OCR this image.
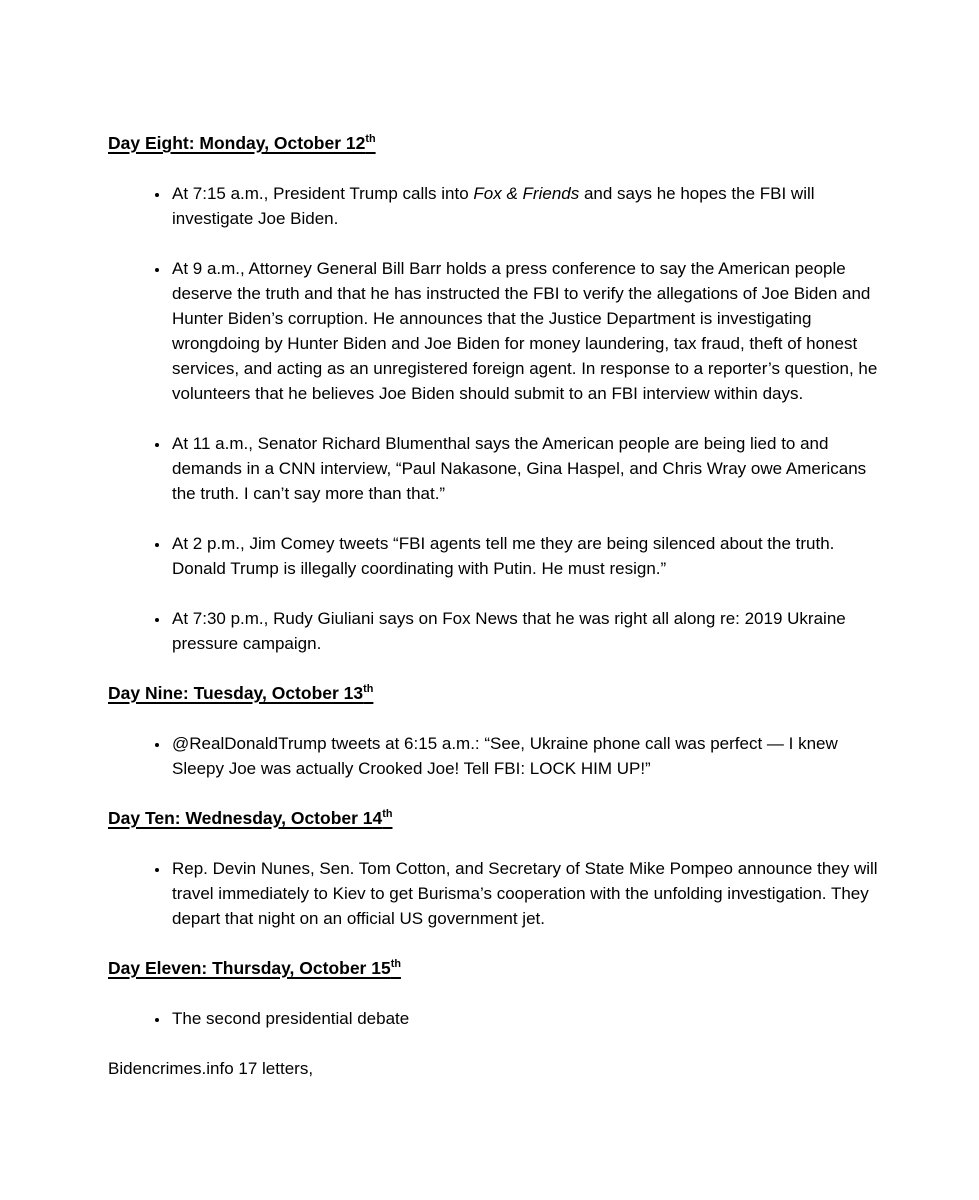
Day Eight: Monday, October 12th
• At 7:15 a.m., President Trump calls into Fox & Friends and says he hopes the FBI will investigate Joe Biden.
• At 9 a.m., Attorney General Bill Barr holds a press conference to say the American people deserve the truth and that he has instructed the FBI to verify the allegations of Joe Biden and Hunter Biden’s corruption. He announces that the Justice Department is investigating wrongdoing by Hunter Biden and Joe Biden for money laundering, tax fraud, theft of honest services, and acting as an unregistered foreign agent. In response to a reporter’s question, he volunteers that he believes Joe Biden should submit to an FBI interview within days.
• At 11 a.m., Senator Richard Blumenthal says the American people are being lied to and demands in a CNN interview, “Paul Nakasone, Gina Haspel, and Chris Wray owe Americans the truth. I can’t say more than that.”
• At 2 p.m., Jim Comey tweets “FBI agents tell me they are being silenced about the truth. Donald Trump is illegally coordinating with Putin. He must resign.”
• At 7:30 p.m., Rudy Giuliani says on Fox News that he was right all along re: 2019 Ukraine pressure campaign.
Day Nine: Tuesday, October 13th
• @RealDonaldTrump tweets at 6:15 a.m.: “See, Ukraine phone call was perfect — I knew Sleepy Joe was actually Crooked Joe! Tell FBI: LOCK HIM UP!”
Day Ten: Wednesday, October 14th
• Rep. Devin Nunes, Sen. Tom Cotton, and Secretary of State Mike Pompeo announce they will travel immediately to Kiev to get Burisma’s cooperation with the unfolding investigation. They depart that night on an official US government jet.
Day Eleven: Thursday, October 15th
• The second presidential debate

Bidencrimes.info 17 letters,
